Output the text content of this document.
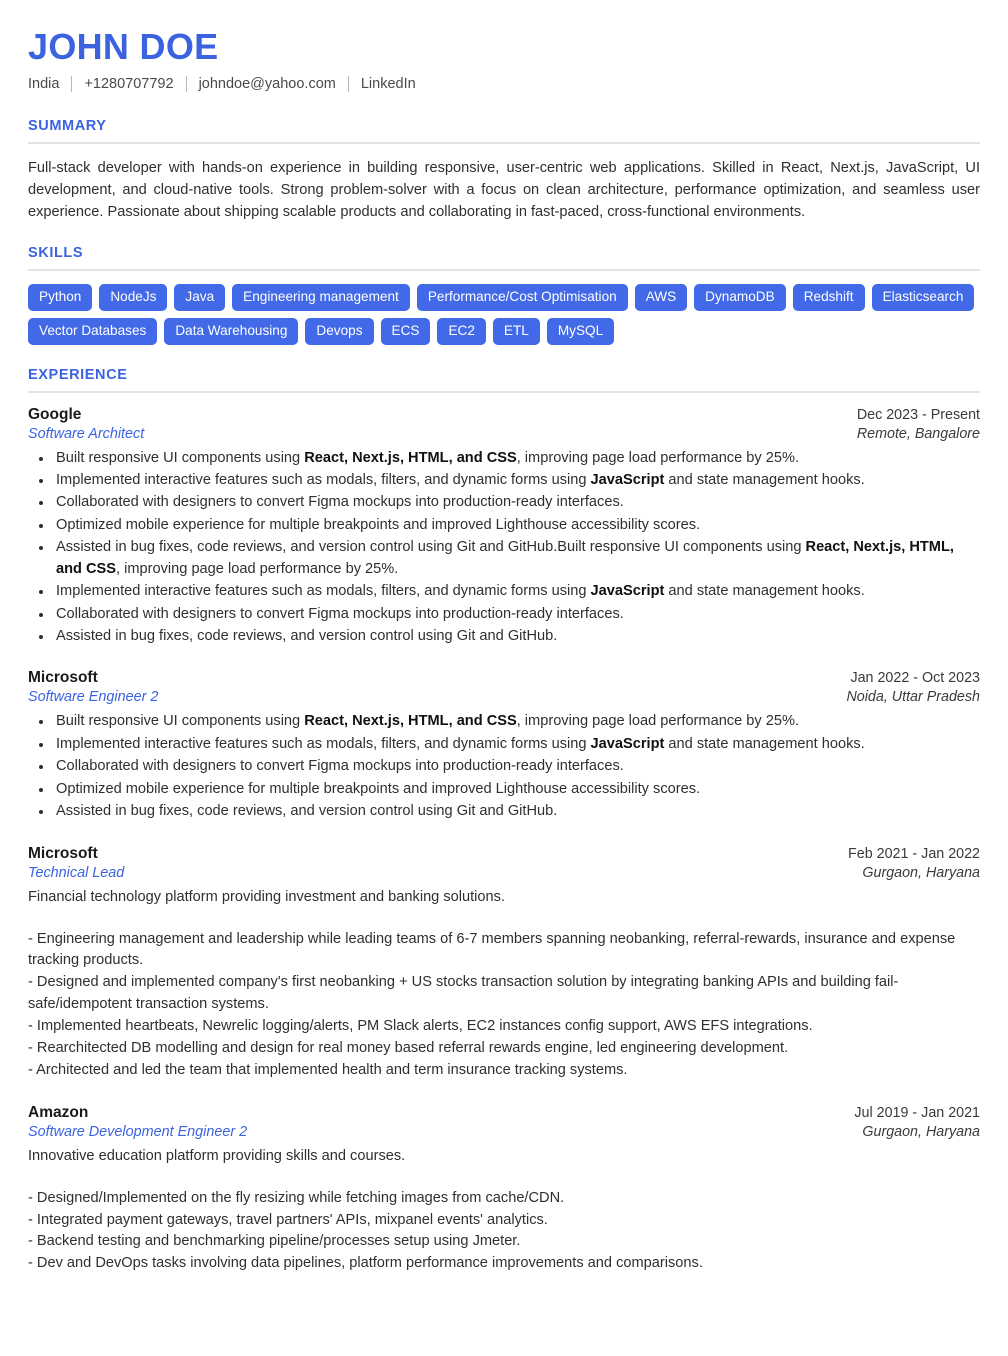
JOHN DOE
India +1280707792 johndoe@yahoo.com LinkedIn
SUMMARY

Full-stack developer with hands-on experience in building responsive, user-centric web applications. Skilled in React, Next.js, JavaScript, UI development, and cloud-native tools. Strong problem-solver with a focus on clean architecture, performance optimization, and seamless user experience. Passionate about shipping scalable products and collaborating in fast-paced, cross-functional environments.

SKILLS
Python	NodeJs	Java	Engineering management	Performance/Cost Optimisation	AWS	DynamoDB	Redshift	Elasticsearch
Vector Databases	Data Warehousing	Devops	ECS	EC2	ETL	MySQL
EXPERIENCE
Google	Dec 2023 - Present
Software Architect	Remote, Bangalore
Built responsive UI components using React, Next.js, HTML, and CSS, improving page load performance by 25%.
Implemented interactive features such as modals, filters, and dynamic forms using JavaScript and state management hooks.
Collaborated with designers to convert Figma mockups into production-ready interfaces.
Optimized mobile experience for multiple breakpoints and improved Lighthouse accessibility scores.
Assisted in bug fixes, code reviews, and version control using Git and GitHub.Built responsive UI components using React, Next.js, HTML, and CSS, improving page load performance by 25%.
Implemented interactive features such as modals, filters, and dynamic forms using JavaScript and state management hooks.
Collaborated with designers to convert Figma mockups into production-ready interfaces.
Assisted in bug fixes, code reviews, and version control using Git and GitHub.
Microsoft	Jan 2022 - Oct 2023
Software Engineer 2	Noida, Uttar Pradesh
Built responsive UI components using React, Next.js, HTML, and CSS, improving page load performance by 25%.
Implemented interactive features such as modals, filters, and dynamic forms using JavaScript and state management hooks.
Collaborated with designers to convert Figma mockups into production-ready interfaces.
Optimized mobile experience for multiple breakpoints and improved Lighthouse accessibility scores.
Assisted in bug fixes, code reviews, and version control using Git and GitHub.
Microsoft	Feb 2021 - Jan 2022
Technical Lead	Gurgaon, Haryana

Financial technology platform providing investment and banking solutions.

- Engineering management and leadership while leading teams of 6-7 members spanning neobanking, referral-rewards, insurance and expense tracking products.
- Designed and implemented company's first neobanking + US stocks transaction solution by integrating banking APIs and building fail-safe/idempotent transaction systems.
- Implemented heartbeats, Newrelic logging/alerts, PM Slack alerts, EC2 instances config support, AWS EFS integrations.
- Rearchitected DB modelling and design for real money based referral rewards engine, led engineering development.
- Architected and led the team that implemented health and term insurance tracking systems.
Amazon	Jul 2019 - Jan 2021
Software Development Engineer 2	Gurgaon, Haryana

Innovative education platform providing skills and courses.

- Designed/Implemented on the fly resizing while fetching images from cache/CDN.
- Integrated payment gateways, travel partners' APIs, mixpanel events' analytics.
- Backend testing and benchmarking pipeline/processes setup using Jmeter.
- Dev and DevOps tasks involving data pipelines, platform performance improvements and comparisons.
